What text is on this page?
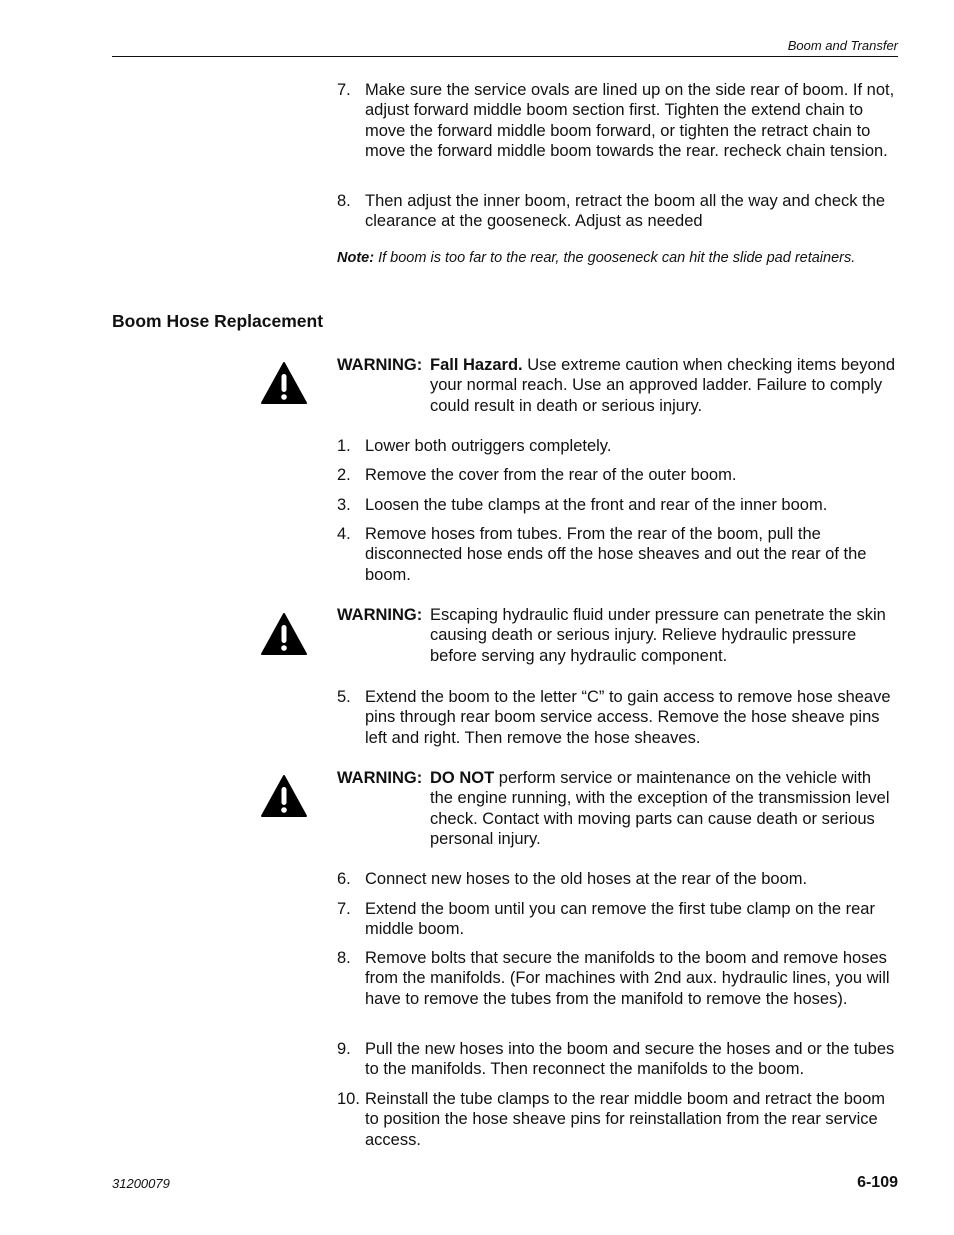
Boom and Transfer
7. Make sure the service ovals are lined up on the side rear of boom. If not, adjust forward middle boom section first. Tighten the extend chain to move the forward middle boom forward, or tighten the retract chain to move the forward middle boom towards the rear. recheck chain tension.
8. Then adjust the inner boom, retract the boom all the way and check the clearance at the gooseneck. Adjust as needed
Note: If boom is too far to the rear, the gooseneck can hit the slide pad retainers.
Boom Hose Replacement
WARNING: Fall Hazard. Use extreme caution when checking items beyond your normal reach. Use an approved ladder. Failure to comply could result in death or serious injury.
1. Lower both outriggers completely.
2. Remove the cover from the rear of the outer boom.
3. Loosen the tube clamps at the front and rear of the inner boom.
4. Remove hoses from tubes. From the rear of the boom, pull the disconnected hose ends off the hose sheaves and out the rear of the boom.
WARNING: Escaping hydraulic fluid under pressure can penetrate the skin causing death or serious injury. Relieve hydraulic pressure before serving any hydraulic component.
5. Extend the boom to the letter “C” to gain access to remove hose sheave pins through rear boom service access. Remove the hose sheave pins left and right. Then remove the hose sheaves.
WARNING: DO NOT perform service or maintenance on the vehicle with the engine running, with the exception of the transmission level check. Contact with moving parts can cause death or serious personal injury.
6. Connect new hoses to the old hoses at the rear of the boom.
7. Extend the boom until you can remove the first tube clamp on the rear middle boom.
8. Remove bolts that secure the manifolds to the boom and remove hoses from the manifolds. (For machines with 2nd aux. hydraulic lines, you will have to remove the tubes from the manifold to remove the hoses).
9. Pull the new hoses into the boom and secure the hoses and or the tubes to the manifolds. Then reconnect the manifolds to the boom.
10. Reinstall the tube clamps to the rear middle boom and retract the boom to position the hose sheave pins for reinstallation from the rear service access.
31200079	6-109
